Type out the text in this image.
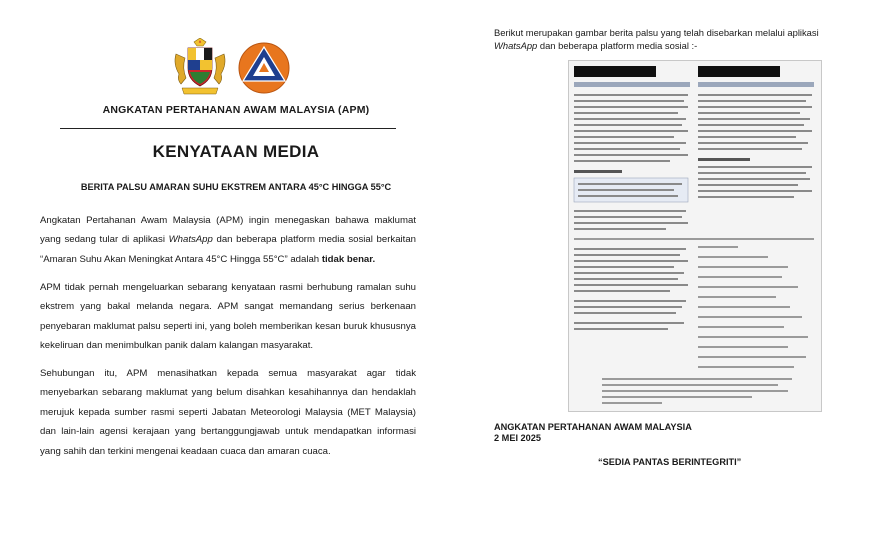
ANGKATAN PERTAHANAN AWAM MALAYSIA (APM)
KENYATAAN MEDIA
BERITA PALSU AMARAN SUHU EKSTREM ANTARA 45°C HINGGA 55°C

Angkatan Pertahanan Awam Malaysia (APM) ingin menegaskan bahawa maklumat yang sedang tular di aplikasi WhatsApp dan beberapa platform media sosial berkaitan “Amaran Suhu Akan Meningkat Antara 45°C Hingga 55°C” adalah tidak benar.

APM tidak pernah mengeluarkan sebarang kenyataan rasmi berhubung ramalan suhu ekstrem yang bakal melanda negara. APM sangat memandang serius berkenaan penyebaran maklumat palsu seperti ini, yang boleh memberikan kesan buruk khususnya kekeliruan dan menimbulkan panik dalam kalangan masyarakat.

Sehubungan itu, APM menasihatkan kepada semua masyarakat agar tidak menyebarkan sebarang maklumat yang belum disahkan kesahihannya dan hendaklah merujuk kepada sumber rasmi seperti Jabatan Meteorologi Malaysia (MET Malaysia) dan lain-lain agensi kerajaan yang bertanggungjawab untuk mendapatkan informasi yang sahih dan terkini mengenai keadaan cuaca dan amaran cuaca.

Berikut merupakan gambar berita palsu yang telah disebarkan melalui aplikasi WhatsApp dan beberapa platform media sosial :-

ANGKATAN PERTAHANAN AWAM MALAYSIA
2 MEI 2025
“SEDIA PANTAS BERINTEGRITI”
